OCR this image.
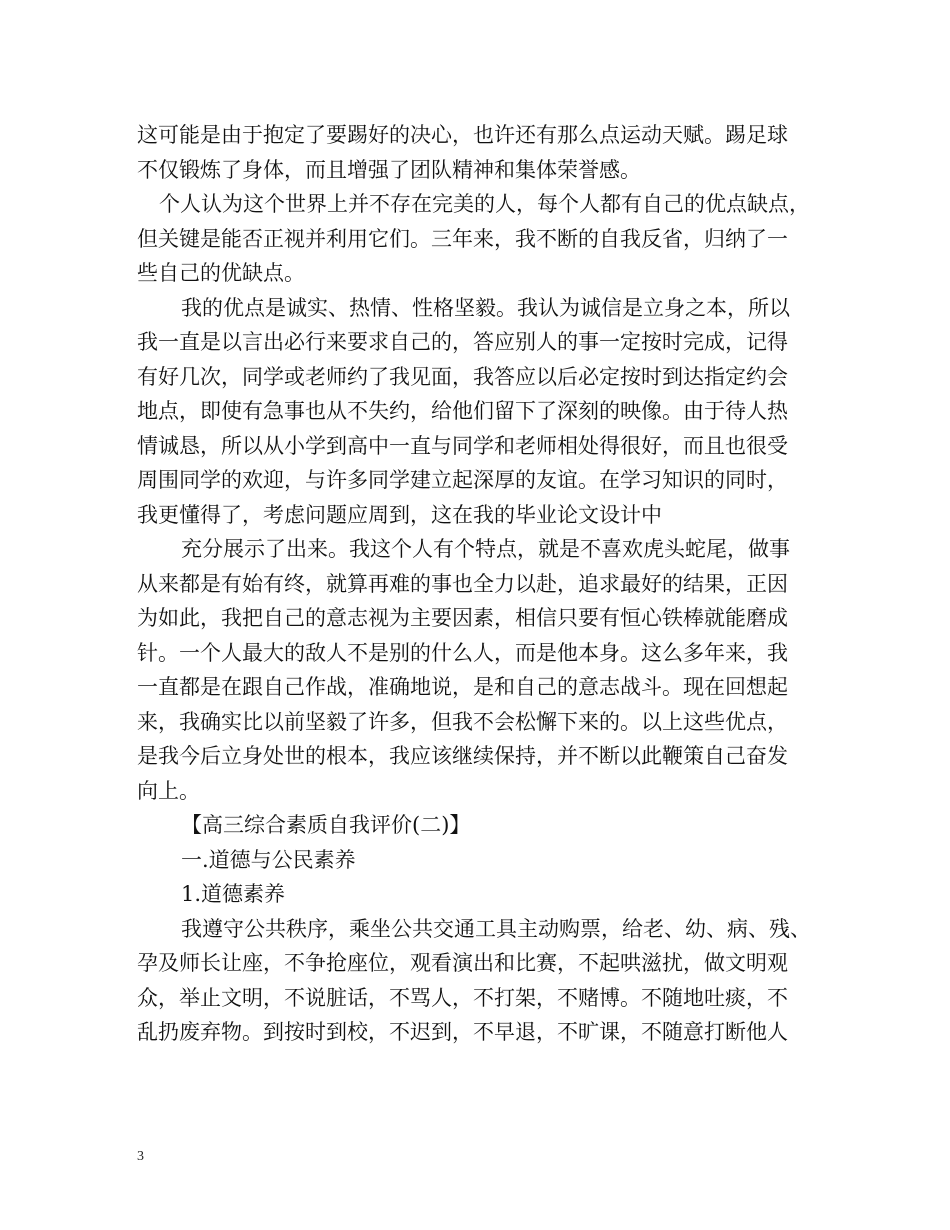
这可能是由于抱定了要踢好的决心，也许还有那么点运动天赋。踢足球
不仅锻炼了身体，而且增强了团队精神和集体荣誉感。
个人认为这个世界上并不存在完美的人，每个人都有自己的优点缺点，
但关键是能否正视并利用它们。三年来，我不断的自我反省，归纳了一
些自己的优缺点。
我的优点是诚实、热情、性格坚毅。我认为诚信是立身之本，所以
我一直是以言出必行来要求自己的，答应别人的事一定按时完成，记得
有好几次，同学或老师约了我见面，我答应以后必定按时到达指定约会
地点，即使有急事也从不失约，给他们留下了深刻的映像。由于待人热
情诚恳，所以从小学到高中一直与同学和老师相处得很好，而且也很受
周围同学的欢迎，与许多同学建立起深厚的友谊。在学习知识的同时，
我更懂得了，考虑问题应周到，这在我的毕业论文设计中
充分展示了出来。我这个人有个特点，就是不喜欢虎头蛇尾，做事
从来都是有始有终，就算再难的事也全力以赴，追求最好的结果，正因
为如此，我把自己的意志视为主要因素，相信只要有恒心铁棒就能磨成
针。一个人最大的敌人不是别的什么人，而是他本身。这么多年来，我
一直都是在跟自己作战，准确地说，是和自己的意志战斗。现在回想起
来，我确实比以前坚毅了许多，但我不会松懈下来的。以上这些优点，
是我今后立身处世的根本，我应该继续保持，并不断以此鞭策自己奋发
向上。
【高三综合素质自我评价(二)】
一.道德与公民素养
1.道德素养
我遵守公共秩序，乘坐公共交通工具主动购票，给老、幼、病、残、
孕及师长让座，不争抢座位，观看演出和比赛，不起哄滋扰，做文明观
众，举止文明，不说脏话，不骂人，不打架，不赌博。不随地吐痰，不
乱扔废弃物。到按时到校，不迟到，不早退，不旷课，不随意打断他人
3
